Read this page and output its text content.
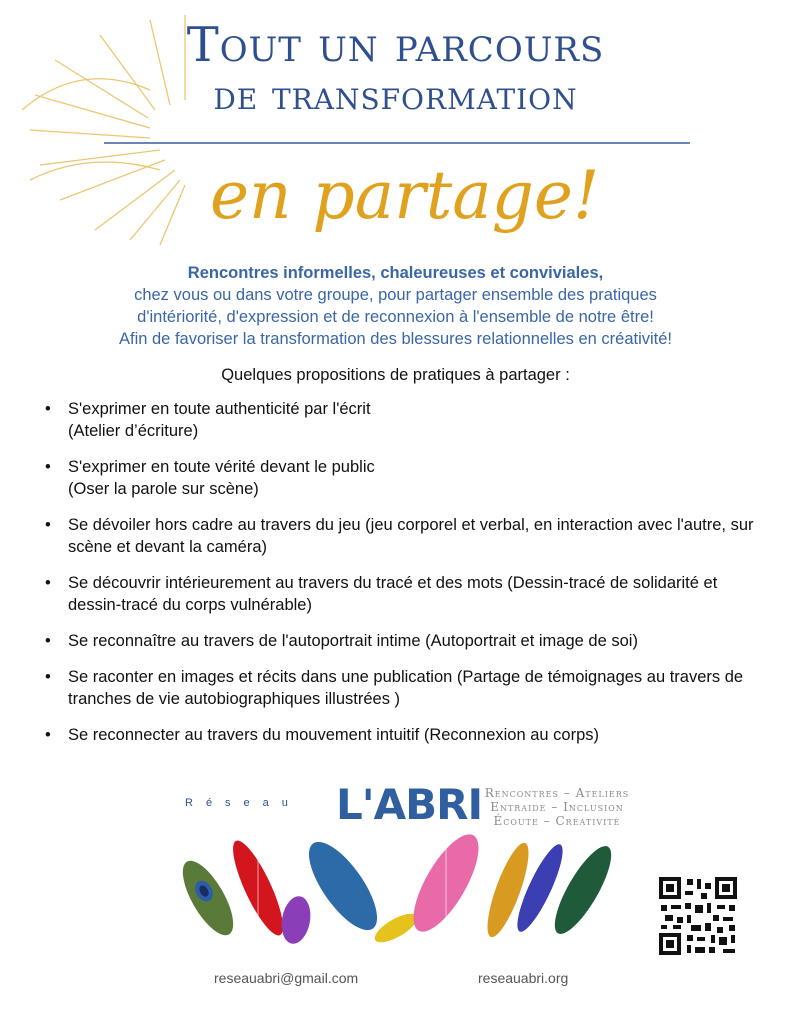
Tout un parcours
de transformation
en partage!
Rencontres informelles, chaleureuses et conviviales,
chez vous ou dans votre groupe, pour partager ensemble des pratiques
d'intériorité, d'expression et de reconnexion à l'ensemble de notre être!
Afin de favoriser la transformation des blessures relationnelles en créativité!
Quelques propositions de pratiques à partager :
• S'exprimer en toute authenticité par l'écrit
(Atelier d’écriture)
• S'exprimer en toute vérité devant le public
(Oser la parole sur scène)
• Se dévoiler hors cadre au travers du jeu (jeu corporel et verbal, en interaction avec l'autre, sur scène et devant la caméra)
• Se découvrir intérieurement au travers du tracé et des mots (Dessin-tracé de solidarité et dessin-tracé du corps vulnérable)
• Se reconnaître au travers de l'autoportrait intime (Autoportrait et image de soi)
• Se raconter en images et récits dans une publication (Partage de témoignages au travers de tranches de vie autobiographiques illustrées )
• Se reconnecter au travers du mouvement intuitif (Reconnexion au corps)
Réseau L'ABRI Rencontres – Ateliers
Entraide – Inclusion
Écoute – Créativité
reseauabri@gmail.com	reseauabri.org
